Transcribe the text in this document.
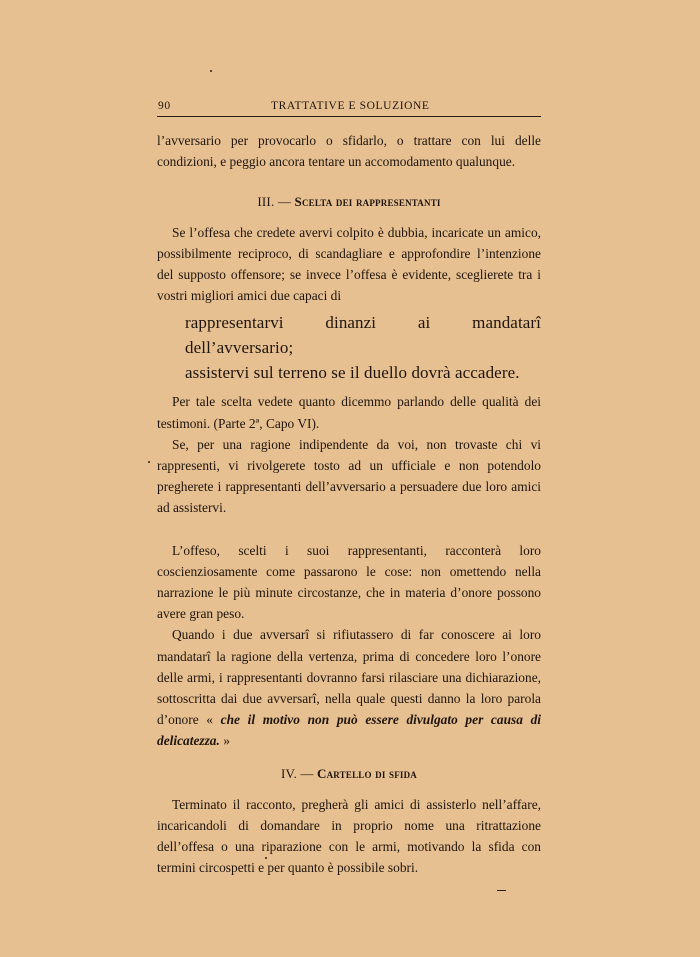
90	TRATTATIVE E SOLUZIONE

l’avversario per provocarlo o sfidarlo, o trattare con lui delle condizioni, e peggio ancora tentare un accomodamento qualunque.

III. — Scelta dei rappresentanti

Se l’offesa che credete avervi colpito è dubbia, incaricate un amico, possibilmente reciproco, di scandagliare e approfondire l’intenzione del supposto offensore; se invece l’offesa è evidente, sceglierete tra i vostri migliori amici due capaci di

rappresentarvi dinanzi ai mandatarî dell’avversario;

assistervi sul terreno se il duello dovrà accadere.

Per tale scelta vedete quanto dicemmo parlando delle qualità dei testimoni. (Parte 2ª, Capo VI).

Se, per una ragione indipendente da voi, non trovaste chi vi rappresenti, vi rivolgerete tosto ad un ufficiale e non potendolo pregherete i rappresentanti dell’avversario a persuadere due loro amici ad assistervi.

L’offeso, scelti i suoi rappresentanti, racconterà loro coscienziosamente come passarono le cose: non omettendo nella narrazione le più minute circostanze, che in materia d’onore possono avere gran peso.

Quando i due avversarî si rifiutassero di far conoscere ai loro mandatarî la ragione della vertenza, prima di concedere loro l’onore delle armi, i rappresentanti dovranno farsi rilasciare una dichiarazione, sottoscritta dai due avversarî, nella quale questi danno la loro parola d’onore « che il motivo non può essere divulgato per causa di delicatezza. »

IV. — Cartello di sfida

Terminato il racconto, pregherà gli amici di assisterlo nell’affare, incaricandoli di domandare in proprio nome una ritrattazione dell’offesa o una riparazione con le armi, motivando la sfida con termini circospetti e per quanto è possibile sobri.
